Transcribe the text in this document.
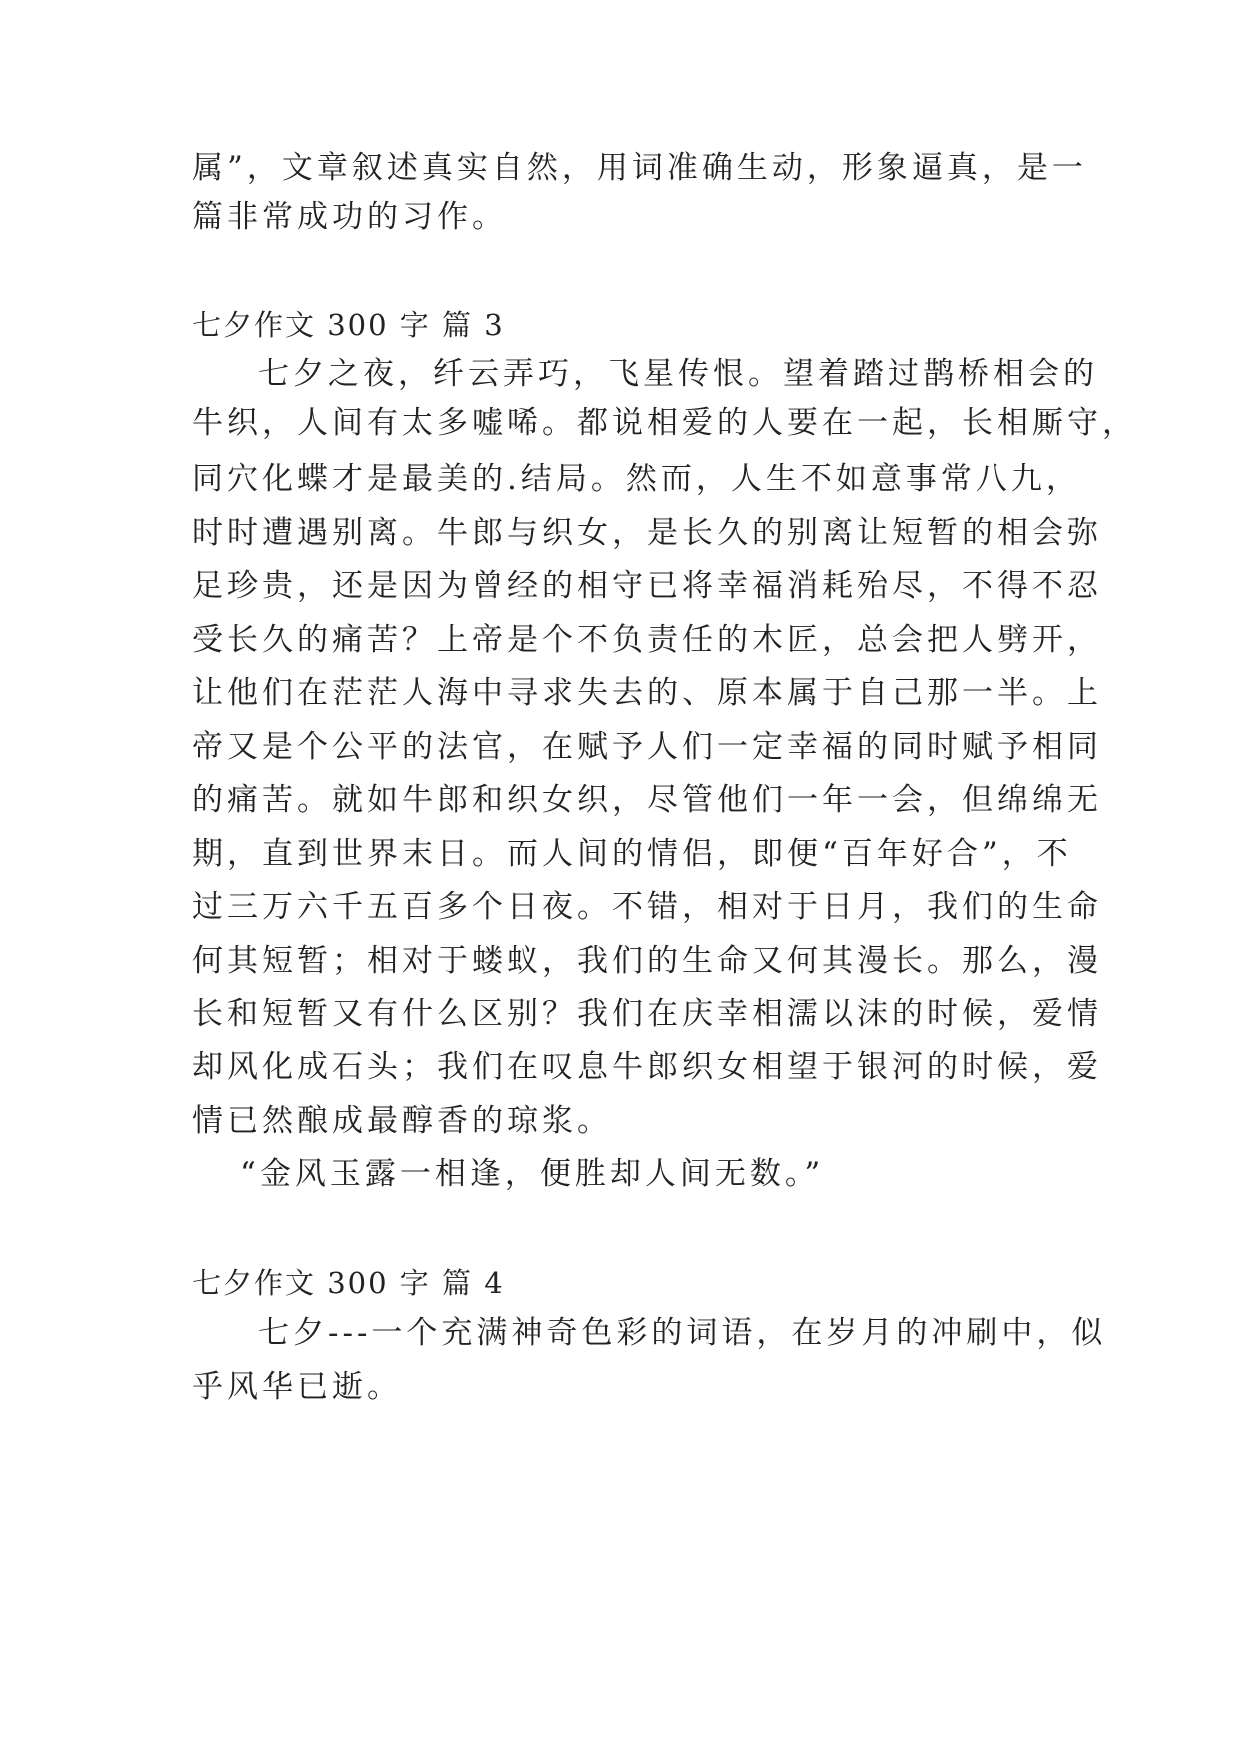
属”，文章叙述真实自然，用词准确生动，形象逼真，是一
篇非常成功的习作。
七夕作文 300 字 篇 3
七夕之夜，纤云弄巧，飞星传恨。望着踏过鹊桥相会的
牛织，人间有太多嘘唏。都说相爱的人要在一起，长相厮守，
同穴化蝶才是最美的.结局。然而，人生不如意事常八九，
时时遭遇别离。牛郎与织女，是长久的别离让短暂的相会弥
足珍贵，还是因为曾经的相守已将幸福消耗殆尽，不得不忍
受长久的痛苦？上帝是个不负责任的木匠，总会把人劈开，
让他们在茫茫人海中寻求失去的、原本属于自己那一半。上
帝又是个公平的法官，在赋予人们一定幸福的同时赋予相同
的痛苦。就如牛郎和织女织，尽管他们一年一会，但绵绵无
期，直到世界末日。而人间的情侣，即便“百年好合”，不
过三万六千五百多个日夜。不错，相对于日月，我们的生命
何其短暂；相对于蝼蚁，我们的生命又何其漫长。那么，漫
长和短暂又有什么区别？我们在庆幸相濡以沫的时候，爱情
却风化成石头；我们在叹息牛郎织女相望于银河的时候，爱
情已然酿成最醇香的琼浆。
“金风玉露一相逢，便胜却人间无数。”
七夕作文 300 字 篇 4
七夕---一个充满神奇色彩的词语，在岁月的冲刷中，似
乎风华已逝。
